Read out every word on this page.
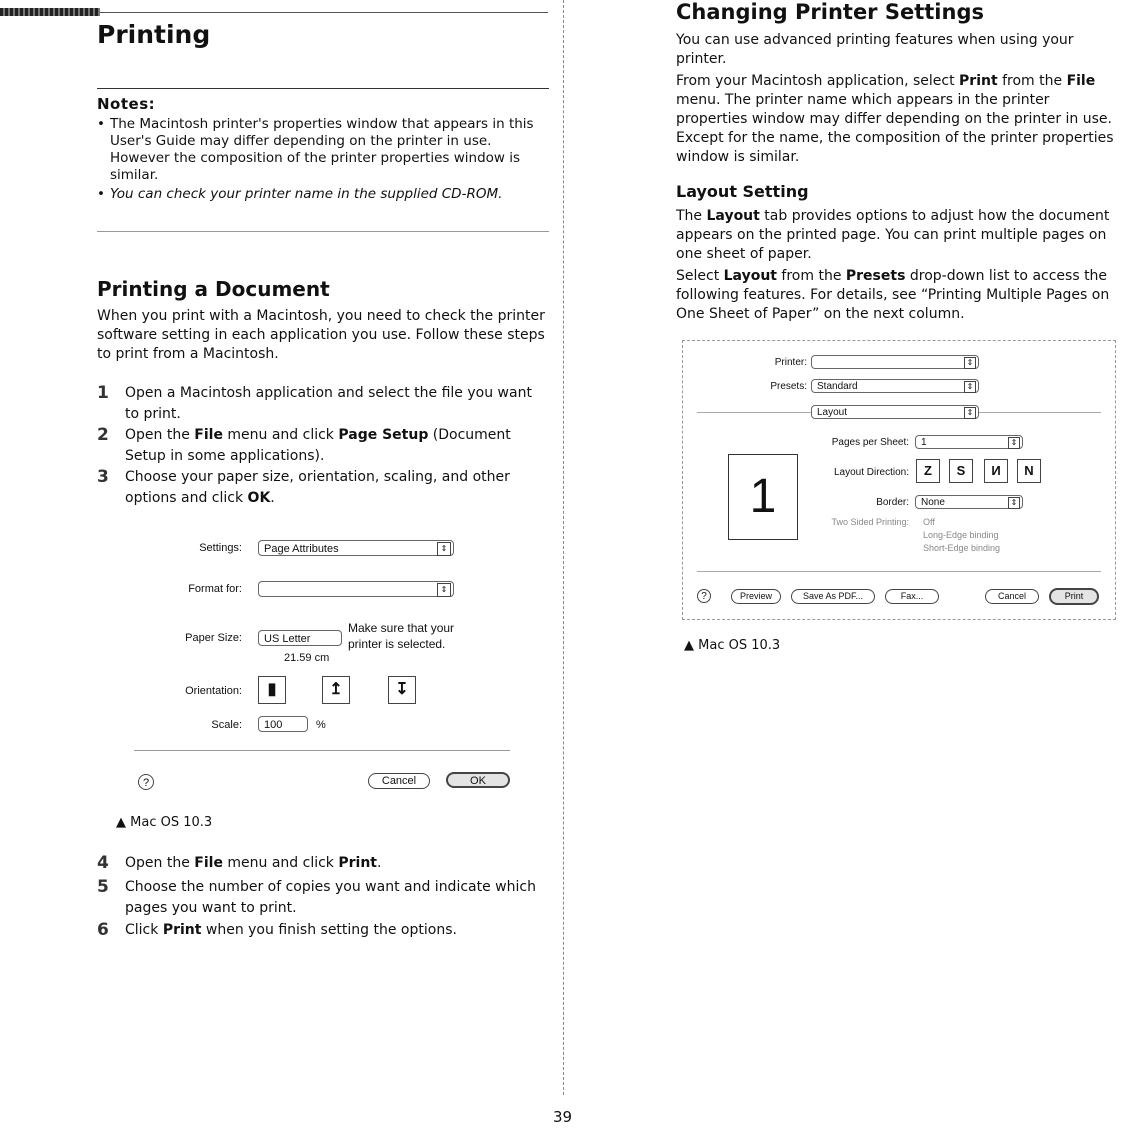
Printing
Notes:
• The Macintosh printer's properties window that appears in this User's Guide may differ depending on the printer in use. However the composition of the printer properties window is similar.
• You can check your printer name in the supplied CD-ROM.
Printing a Document
When you print with a Macintosh, you need to check the printer software setting in each application you use. Follow these steps to print from a Macintosh.
1 Open a Macintosh application and select the file you want to print.
2 Open the File menu and click Page Setup (Document Setup in some applications).
3 Choose your paper size, orientation, scaling, and other options and click OK.
Settings:	Page Attributes	⇕
Format for:	⇕
Paper Size:	US Letter
21.59 cm
Make sure that your printer is selected.
Orientation:	▮	↥	↧
Scale:	100	%
?	Cancel	OK
▲ Mac OS 10.3
4 Open the File menu and click Print.
5 Choose the number of copies you want and indicate which pages you want to print.
6 Click Print when you finish setting the options.
Changing Printer Settings
You can use advanced printing features when using your printer.
From your Macintosh application, select Print from the File menu. The printer name which appears in the printer properties window may differ depending on the printer in use. Except for the name, the composition of the printer properties window is similar.
Layout Setting
The Layout tab provides options to adjust how the document appears on the printed page. You can print multiple pages on one sheet of paper.
Select Layout from the Presets drop-down list to access the following features. For details, see “Printing Multiple Pages on One Sheet of Paper” on the next column.
Printer:	⇕
Presets:	Standard	⇕
Layout	⇕
1
Pages per Sheet:	1	⇕
Layout Direction:	Z	S	И	N
Border:	None	⇕
Two Sided Printing: Off
Long-Edge binding
Short-Edge binding
?	Preview	Save As PDF...	Fax...	Cancel	Print
▲ Mac OS 10.3
39
